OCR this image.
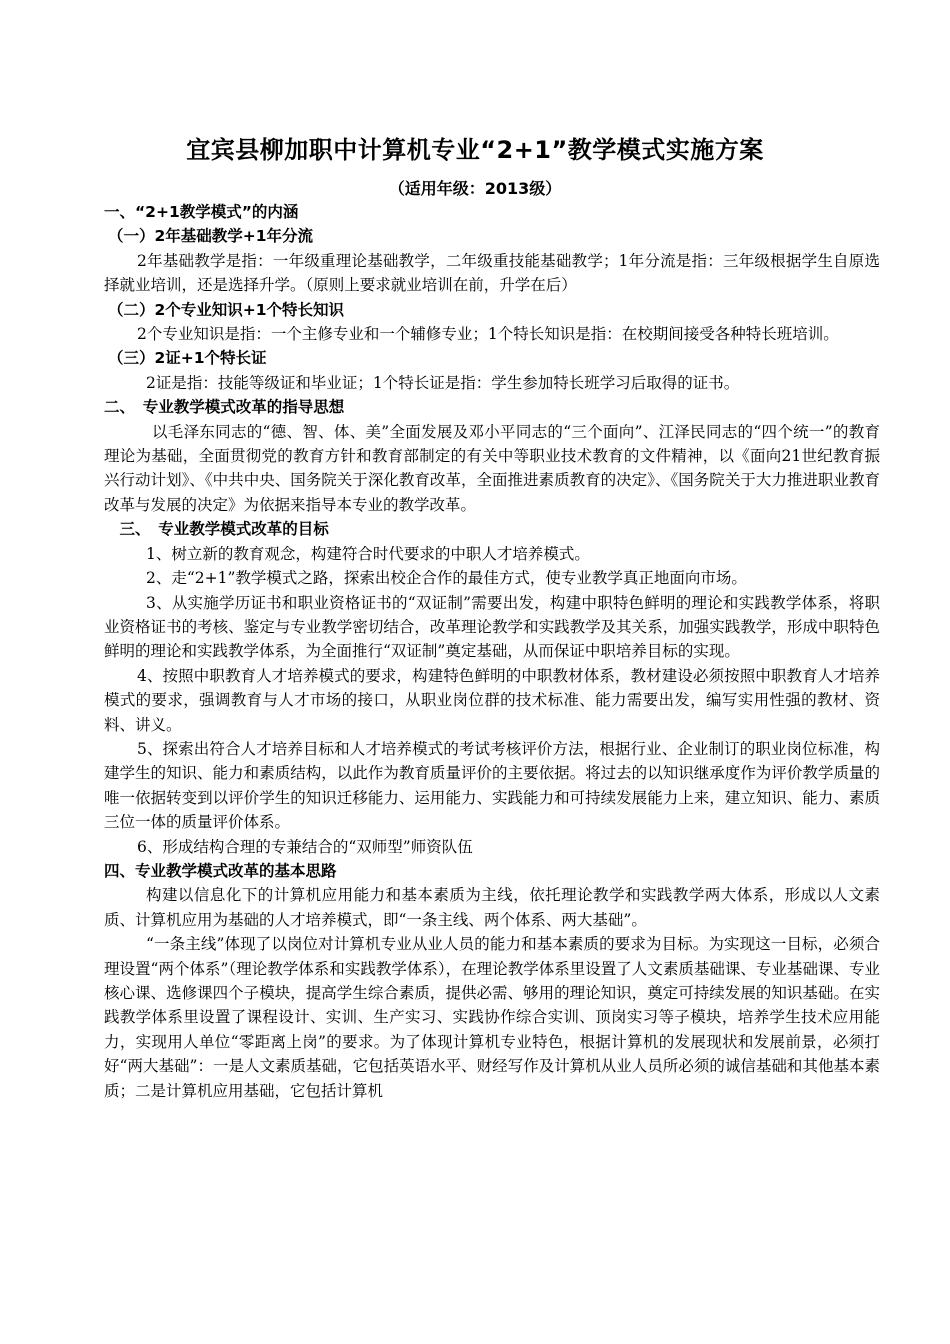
宜宾县柳加职中计算机专业“2+1”教学模式实施方案
（适用年级：2013级）
一、“2+1教学模式”的内涵
（一）2年基础教学+1年分流
2年基础教学是指：一年级重理论基础教学，二年级重技能基础教学；1年分流是指：三年级根据学生自原选择就业培训，还是选择升学。（原则上要求就业培训在前，升学在后）
（二）2个专业知识+1个特长知识
2个专业知识是指：一个主修专业和一个辅修专业；1个特长知识是指：在校期间接受各种特长班培训。
（三）2证+1个特长证
2证是指：技能等级证和毕业证；1个特长证是指：学生参加特长班学习后取得的证书。
二、　专业教学模式改革的指导思想
以毛泽东同志的“德、智、体、美”全面发展及邓小平同志的“三个面向”、江泽民同志的“四个统一”的教育理论为基础，全面贯彻党的教育方针和教育部制定的有关中等职业技术教育的文件精神，以《面向21世纪教育振兴行动计划》、《中共中央、国务院关于深化教育改革，全面推进素质教育的决定》、《国务院关于大力推进职业教育改革与发展的决定》为依据来指导本专业的教学改革。
　三、　专业教学模式改革的目标
1、树立新的教育观念，构建符合时代要求的中职人才培养模式。
2、走“2+1”教学模式之路，探索出校企合作的最佳方式，使专业教学真正地面向市场。
3、从实施学历证书和职业资格证书的“双证制”需要出发，构建中职特色鲜明的理论和实践教学体系，将职业资格证书的考核、鉴定与专业教学密切结合，改革理论教学和实践教学及其关系，加强实践教学，形成中职特色鲜明的理论和实践教学体系，为全面推行“双证制”奠定基础，从而保证中职培养目标的实现。
4、按照中职教育人才培养模式的要求，构建特色鲜明的中职教材体系，教材建设必须按照中职教育人才培养模式的要求，强调教育与人才市场的接口，从职业岗位群的技术标准、能力需要出发，编写实用性强的教材、资料、讲义。
5、探索出符合人才培养目标和人才培养模式的考试考核评价方法，根据行业、企业制订的职业岗位标准，构建学生的知识、能力和素质结构，以此作为教育质量评价的主要依据。将过去的以知识继承度作为评价教学质量的唯一依据转变到以评价学生的知识迁移能力、运用能力、实践能力和可持续发展能力上来，建立知识、能力、素质三位一体的质量评价体系。
6、形成结构合理的专兼结合的“双师型”师资队伍
四、专业教学模式改革的基本思路
构建以信息化下的计算机应用能力和基本素质为主线，依托理论教学和实践教学两大体系，形成以人文素质、计算机应用为基础的人才培养模式，即“一条主线、两个体系、两大基础”。
“一条主线”体现了以岗位对计算机专业从业人员的能力和基本素质的要求为目标。为实现这一目标，必须合理设置“两个体系”（理论教学体系和实践教学体系），在理论教学体系里设置了人文素质基础课、专业基础课、专业核心课、选修课四个子模块，提高学生综合素质，提供必需、够用的理论知识，奠定可持续发展的知识基础。在实践教学体系里设置了课程设计、实训、生产实习、实践协作综合实训、顶岗实习等子模块，培养学生技术应用能力，实现用人单位“零距离上岗”的要求。为了体现计算机专业特色，根据计算机的发展现状和发展前景，必须打好“两大基础”：一是人文素质基础，它包括英语水平、财经写作及计算机从业人员所必须的诚信基础和其他基本素质；二是计算机应用基础，它包括计算机
